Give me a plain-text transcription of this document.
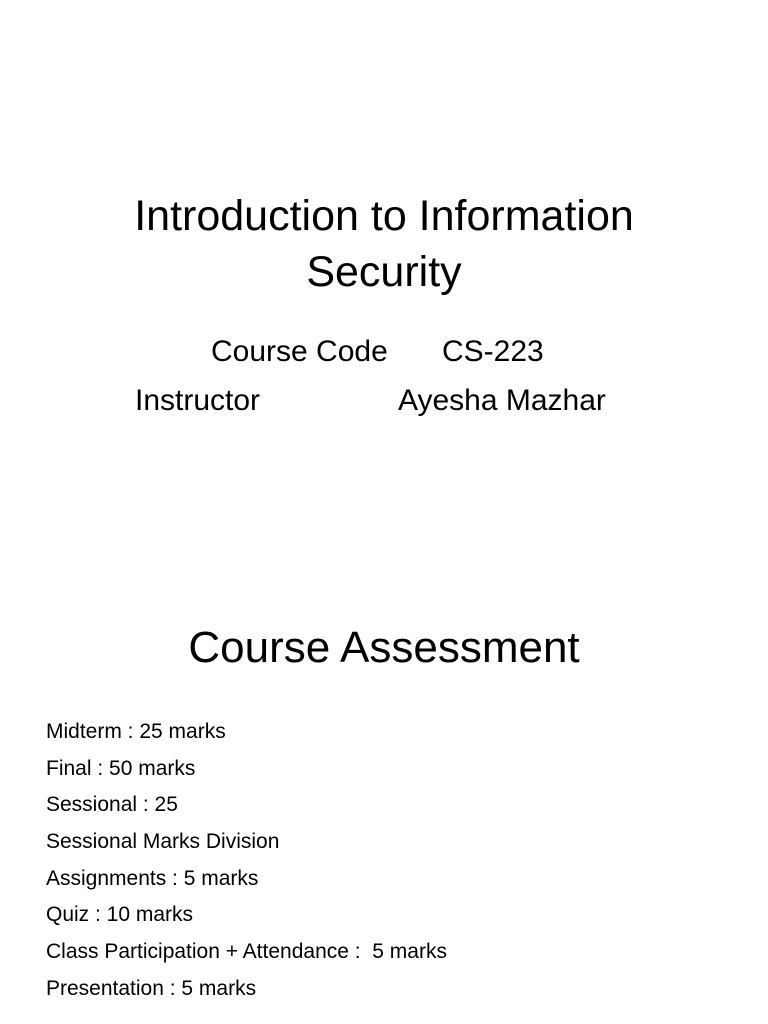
Introduction to Information
Security
Course Code CS-223
Instructor	Ayesha Mazhar
Course Assessment
Midterm : 25 marks
Final : 50 marks
Sessional : 25
Sessional Marks Division
Assignments : 5 marks
Quiz : 10 marks
Class Participation + Attendance :  5 marks
Presentation : 5 marks
